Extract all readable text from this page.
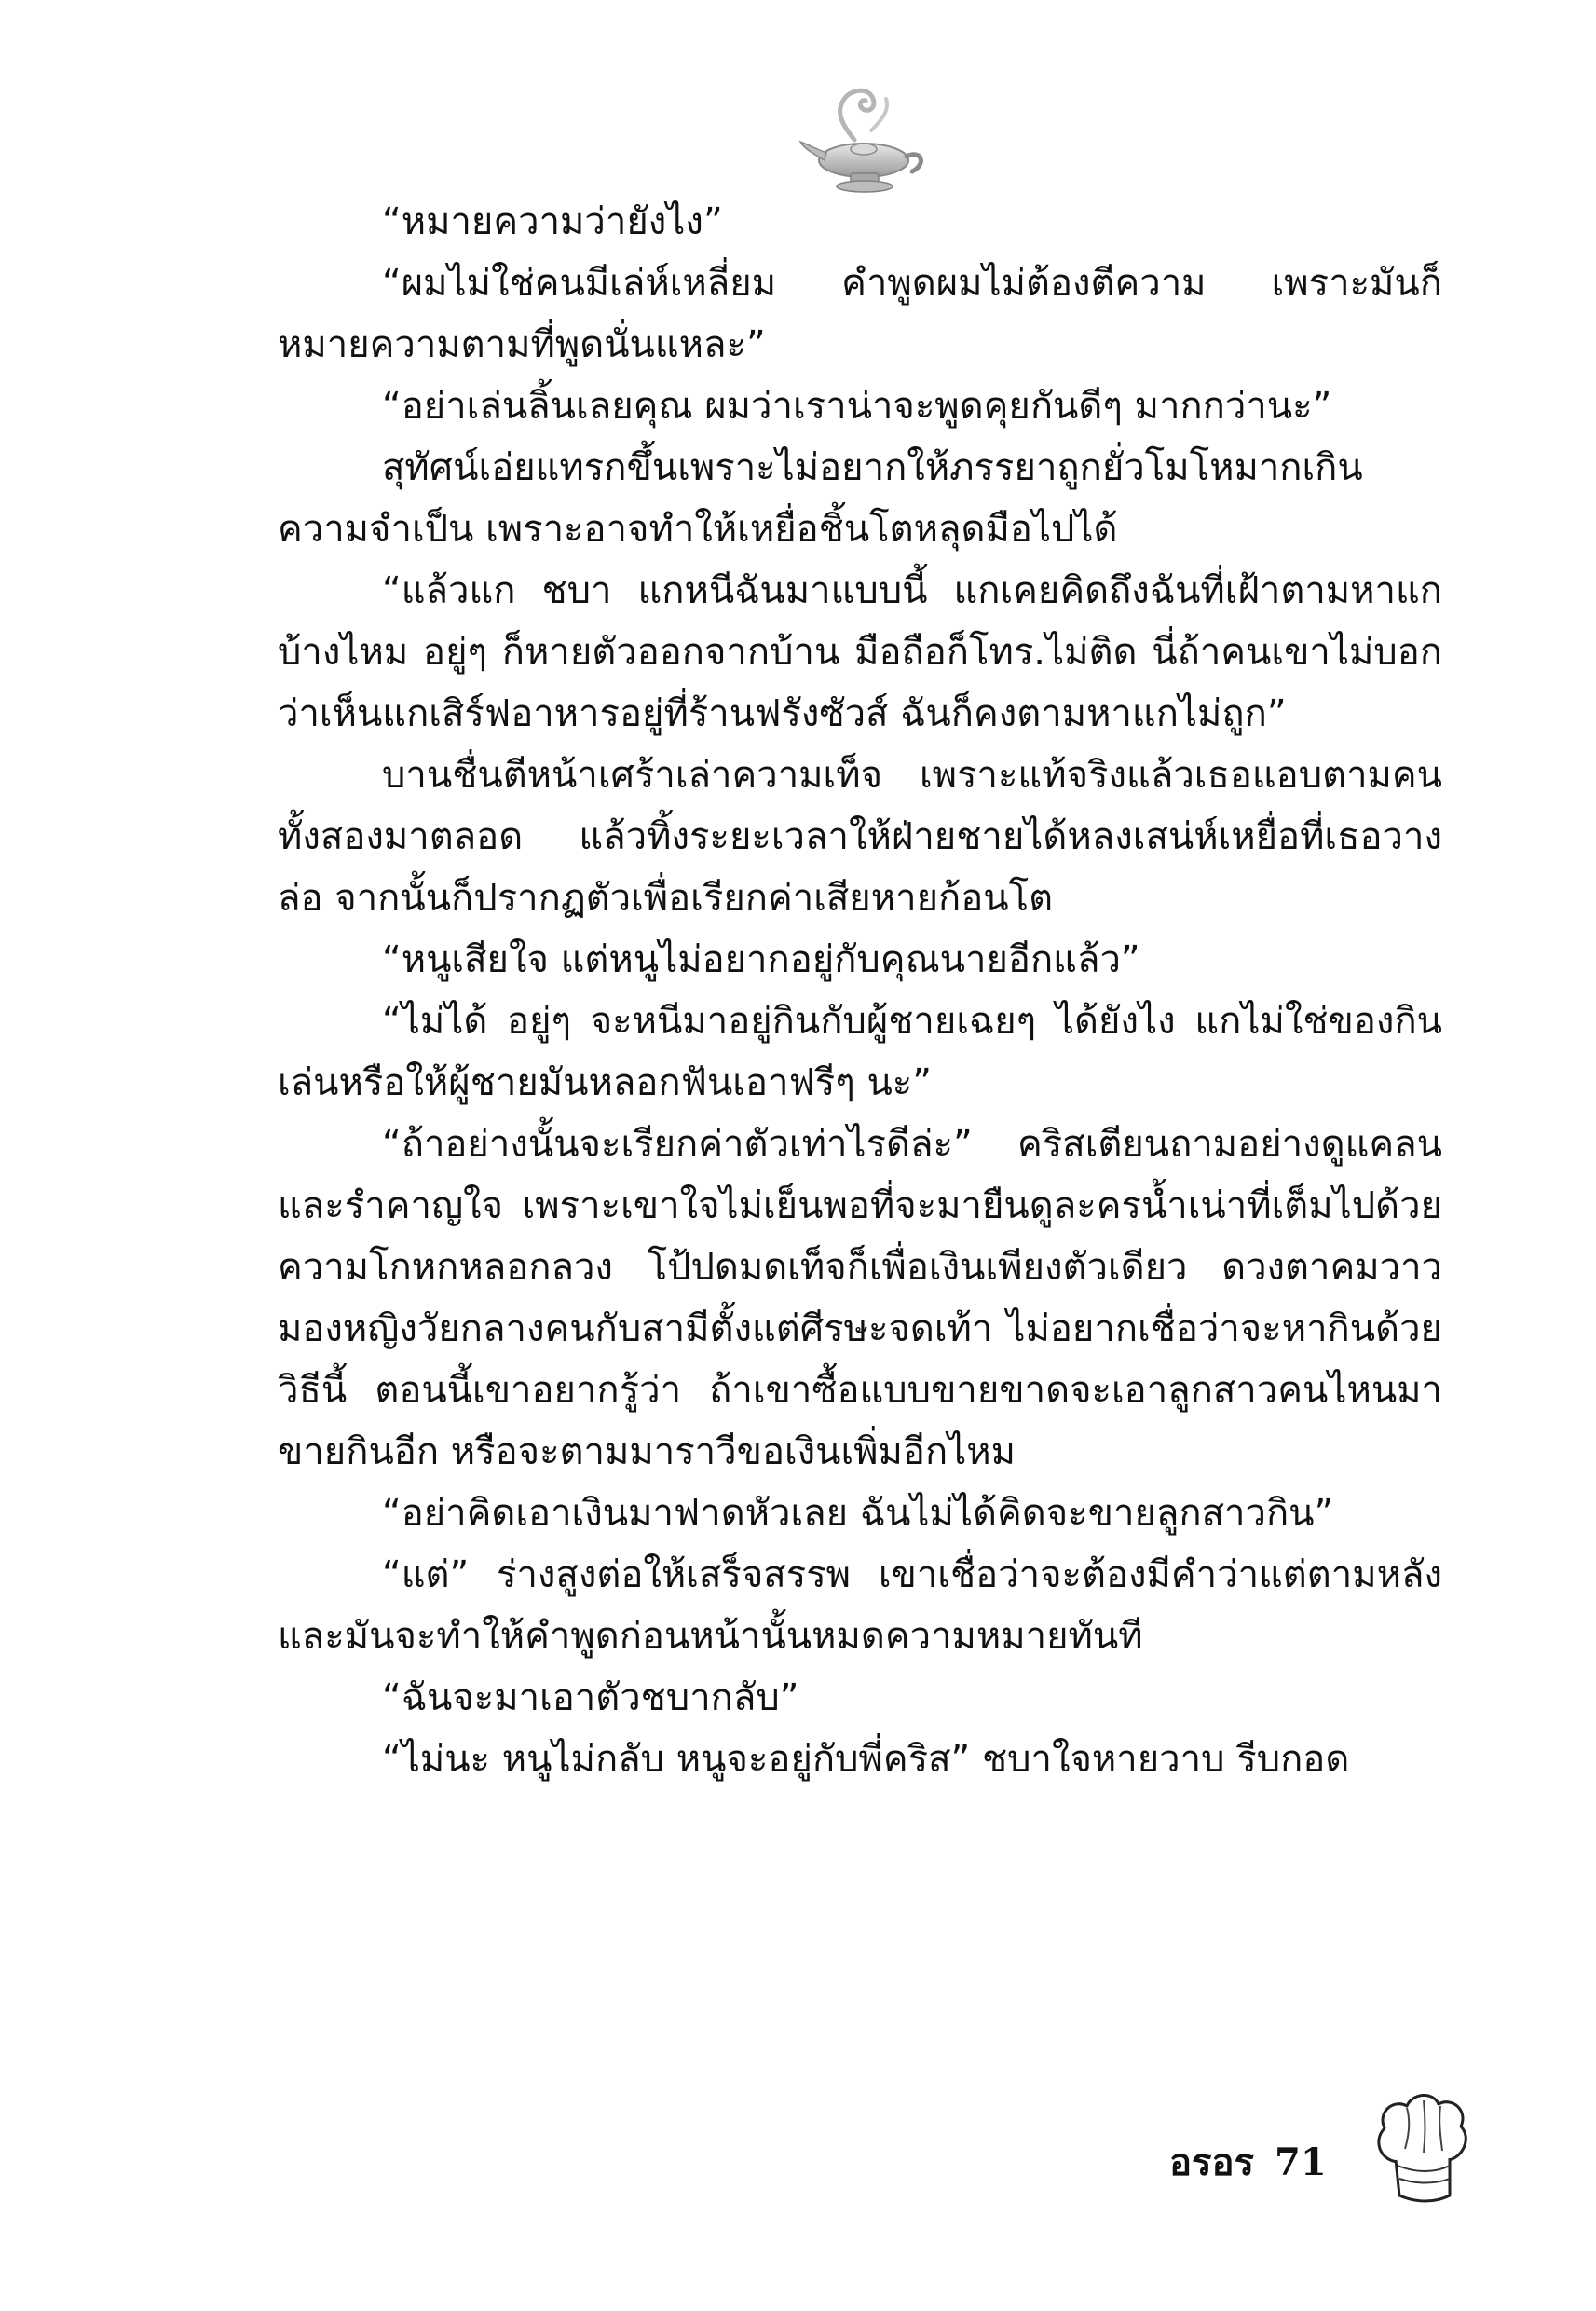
“หมายความว่ายังไง”

“ผมไม่ใช่คนมีเล่ห์เหลี่ยม คำพูดผมไม่ต้องตีความ เพราะมันก็หมายความตามที่พูดนั่นแหละ”

“อย่าเล่นลิ้นเลยคุณ ผมว่าเราน่าจะพูดคุยกันดีๆ มากกว่านะ”

สุทัศน์เอ่ยแทรกขึ้นเพราะไม่อยากให้ภรรยาถูกยั่วโมโหมากเกินความจำเป็น เพราะอาจทำให้เหยื่อชิ้นโตหลุดมือไปได้

“แล้วแก ชบา แกหนีฉันมาแบบนี้ แกเคยคิดถึงฉันที่เฝ้าตามหาแกบ้างไหม อยู่ๆ ก็หายตัวออกจากบ้าน มือถือก็โทร.ไม่ติด นี่ถ้าคนเขาไม่บอกว่าเห็นแกเสิร์ฟอาหารอยู่ที่ร้านฟรังซัวส์ ฉันก็คงตามหาแกไม่ถูก”

บานชื่นตีหน้าเศร้าเล่าความเท็จ เพราะแท้จริงแล้วเธอแอบตามคนทั้งสองมาตลอด แล้วทิ้งระยะเวลาให้ฝ่ายชายได้หลงเสน่ห์เหยื่อที่เธอวางล่อ จากนั้นก็ปรากฏตัวเพื่อเรียกค่าเสียหายก้อนโต

“หนูเสียใจ แต่หนูไม่อยากอยู่กับคุณนายอีกแล้ว”

“ไม่ได้ อยู่ๆ จะหนีมาอยู่กินกับผู้ชายเฉยๆ ได้ยังไง แกไม่ใช่ของกินเล่นหรือให้ผู้ชายมันหลอกฟันเอาฟรีๆ นะ”

“ถ้าอย่างนั้นจะเรียกค่าตัวเท่าไรดีล่ะ” คริสเตียนถามอย่างดูแคลนและรำคาญใจ เพราะเขาใจไม่เย็นพอที่จะมายืนดูละครน้ำเน่าที่เต็มไปด้วยความโกหกหลอกลวง โป้ปดมดเท็จก็เพื่อเงินเพียงตัวเดียว ดวงตาคมวาวมองหญิงวัยกลางคนกับสามีตั้งแต่ศีรษะจดเท้า ไม่อยากเชื่อว่าจะหากินด้วยวิธีนี้ ตอนนี้เขาอยากรู้ว่า ถ้าเขาซื้อแบบขายขาดจะเอาลูกสาวคนไหนมาขายกินอีก หรือจะตามมาราวีขอเงินเพิ่มอีกไหม

“อย่าคิดเอาเงินมาฟาดหัวเลย ฉันไม่ได้คิดจะขายลูกสาวกิน”

“แต่” ร่างสูงต่อให้เสร็จสรรพ เขาเชื่อว่าจะต้องมีคำว่าแต่ตามหลังและมันจะทำให้คำพูดก่อนหน้านั้นหมดความหมายทันที

“ฉันจะมาเอาตัวชบากลับ”

“ไม่นะ หนูไม่กลับ หนูจะอยู่กับพี่คริส” ชบาใจหายวาบ รีบกอด

อรอร 71
